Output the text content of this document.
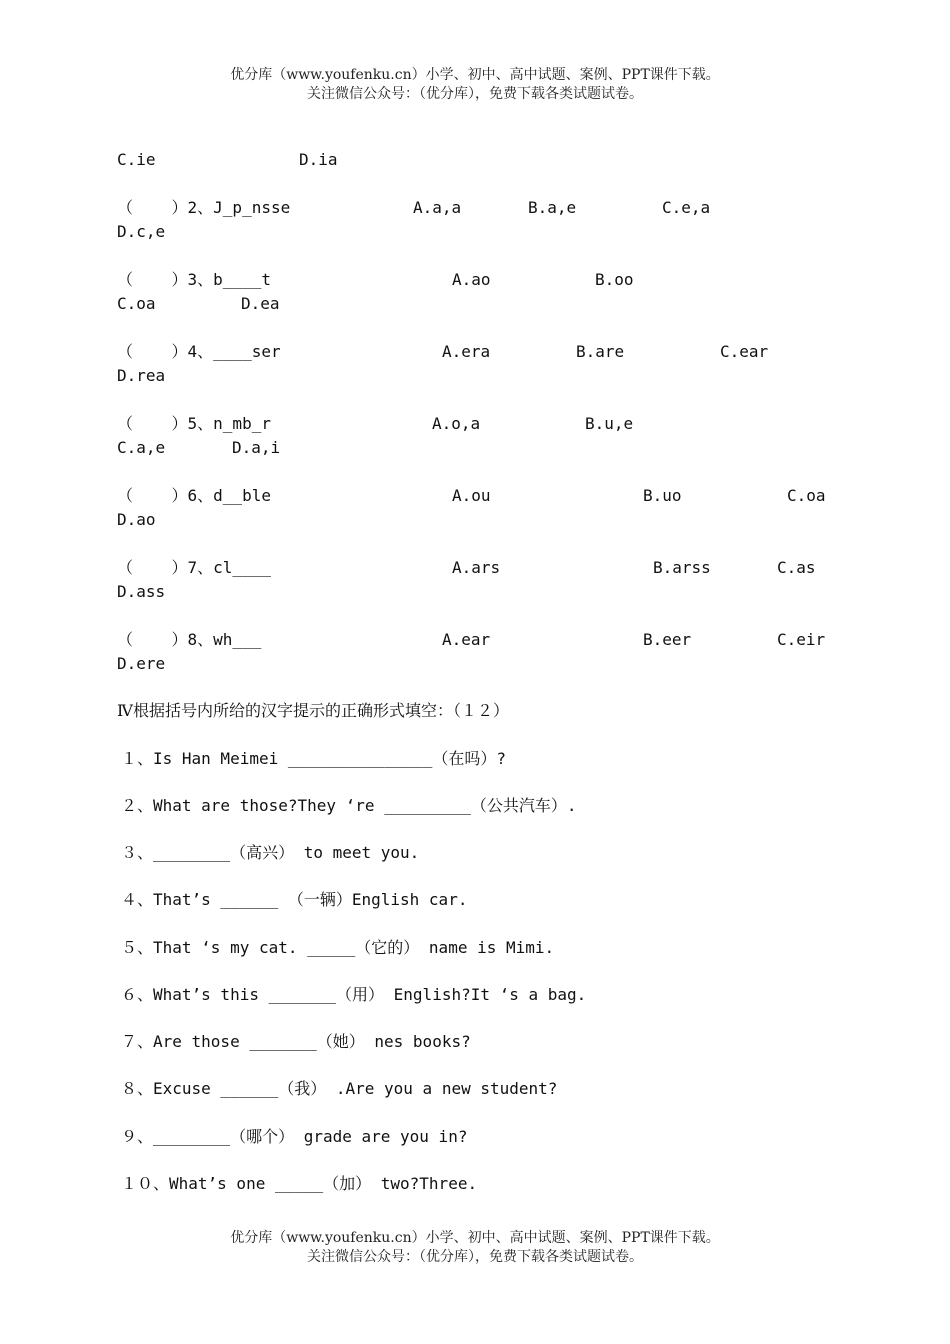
优分库（www.youfenku.cn）小学、初中、高中试题、案例、PPT课件下载。
关注微信公众号：（优分库），免费下载各类试题试卷。
C.ie	D.ia
（    ）2、J_p_nsse	A.a,a	B.a,e	C.e,a
D.c,e
（    ）3、b____t	A.ao	B.oo
C.oa	D.ea
（    ）4、____ser	A.era	B.are	C.ear
D.rea
（    ）5、n_mb_r	A.o,a	B.u,e
C.a,e	D.a,i
（    ）6、d__ble	A.ou	B.uo	C.oa
D.ao
（    ）7、cl____	A.ars	B.arss	C.as
D.ass
（    ）8、wh___	A.ear	B.eer	C.eir
D.ere
Ⅳ根据括号内所给的汉字提示的正确形式填空：（１２）
１、Is Han Meimei _______________（在吗）?
２、What are those?They ‘re _________（公共汽车）.
３、________（高兴） to meet you.
４、That’s ______ （一辆）English car.
５、That ‘s my cat. _____（它的） name is Mimi.
６、What’s this _______（用） English?It ‘s a bag.
７、Are those _______（她） nes books?
８、Excuse ______（我） .Are you a new student?
９、________（哪个） grade are you in?
１０、What’s one _____（加） two?Three.
优分库（www.youfenku.cn）小学、初中、高中试题、案例、PPT课件下载。
关注微信公众号：（优分库），免费下载各类试题试卷。
